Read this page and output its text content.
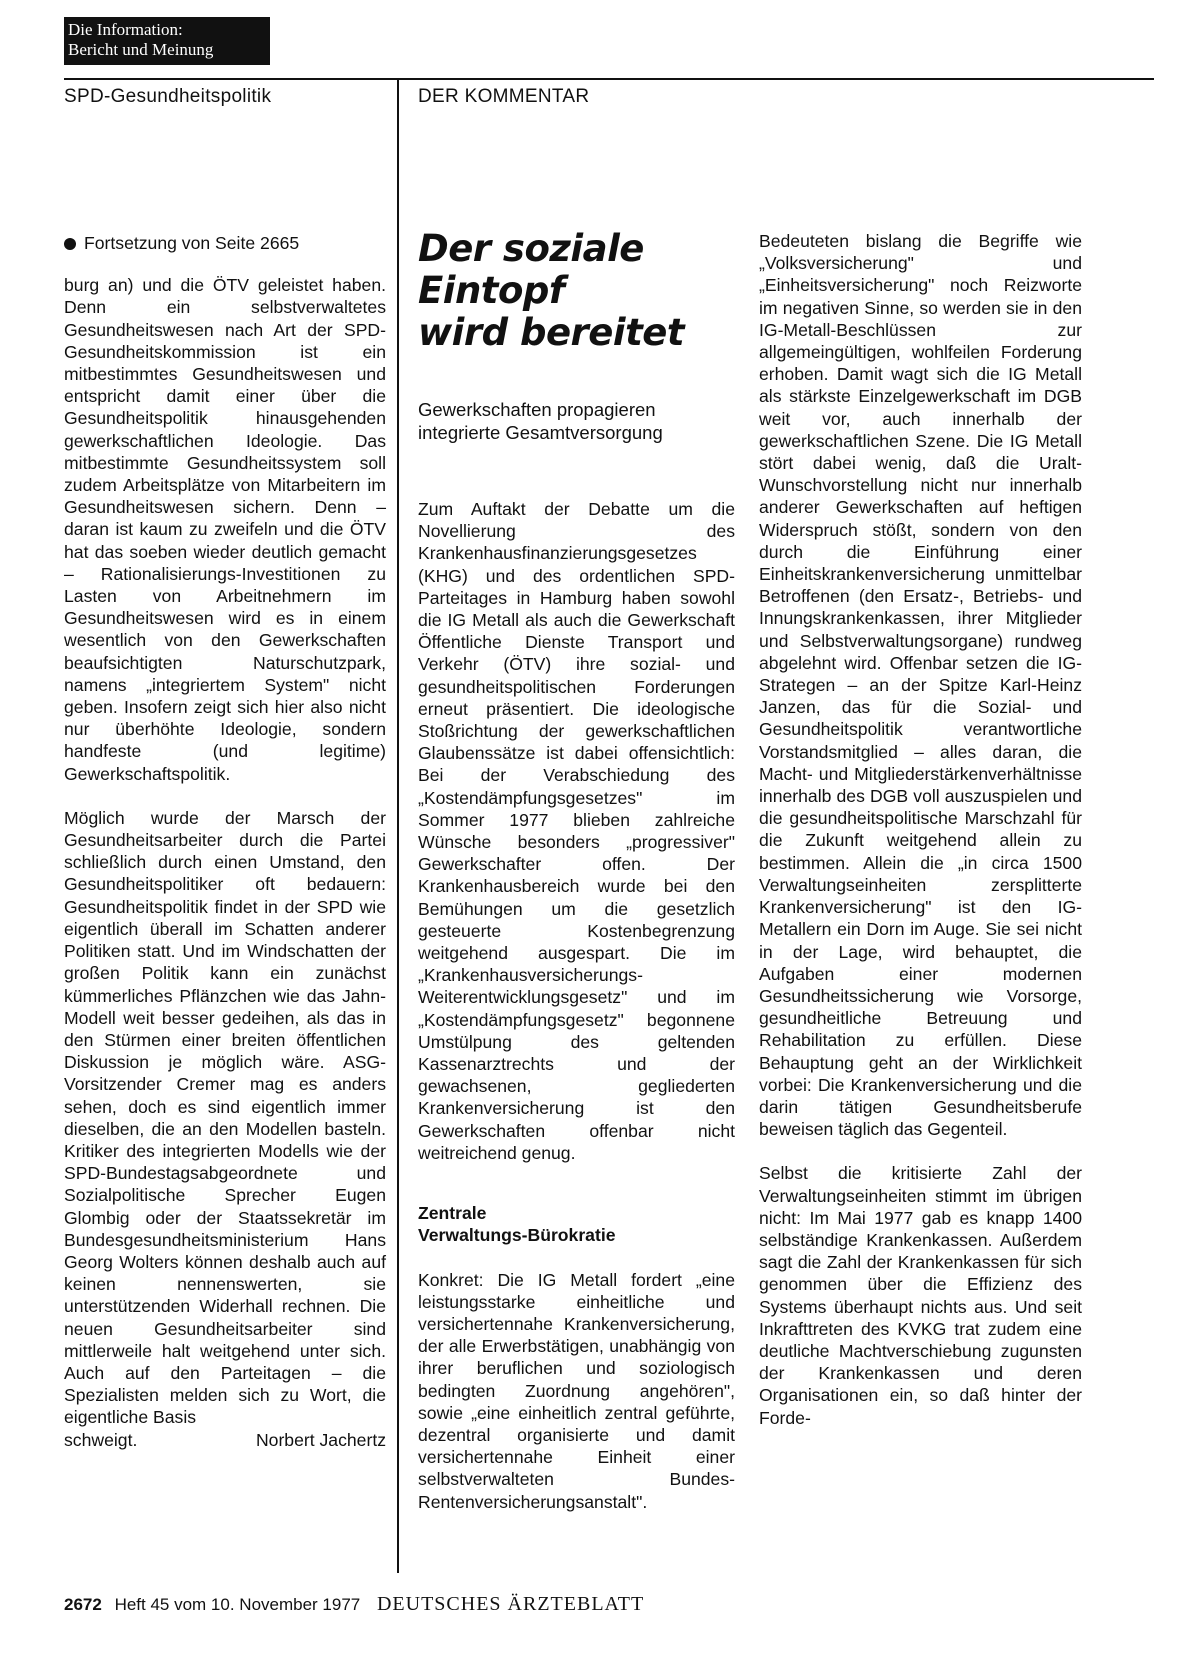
Die Information:
Bericht und Meinung
SPD-Gesundheitspolitik	DER KOMMENTAR
Fortsetzung von Seite 2665

burg an) und die ÖTV geleistet haben. Denn ein selbstverwaltetes Gesundheitswesen nach Art der SPD-Gesundheitskommission ist ein mitbestimmtes Gesundheitswesen und entspricht damit einer über die Gesundheitspolitik hinausgehenden gewerkschaftlichen Ideologie. Das mitbestimmte Gesundheitssystem soll zudem Arbeitsplätze von Mitarbeitern im Gesundheitswesen sichern. Denn – daran ist kaum zu zweifeln und die ÖTV hat das soeben wieder deutlich gemacht – Rationalisierungs-Investitionen zu Lasten von Arbeitnehmern im Gesundheitswesen wird es in einem wesentlich von den Gewerkschaften beaufsichtigten Naturschutzpark, namens „integriertem System" nicht geben. Insofern zeigt sich hier also nicht nur überhöhte Ideologie, sondern handfeste (und legitime) Gewerkschaftspolitik.

Möglich wurde der Marsch der Gesundheitsarbeiter durch die Partei schließlich durch einen Umstand, den Gesundheitspolitiker oft bedauern: Gesundheitspolitik findet in der SPD wie eigentlich überall im Schatten anderer Politiken statt. Und im Windschatten der großen Politik kann ein zunächst kümmerliches Pflänzchen wie das Jahn-Modell weit besser gedeihen, als das in den Stürmen einer breiten öffentlichen Diskussion je möglich wäre. ASG-Vorsitzender Cremer mag es anders sehen, doch es sind eigentlich immer dieselben, die an den Modellen basteln. Kritiker des integrierten Modells wie der SPD-Bundestagsabgeordnete und Sozialpolitische Sprecher Eugen Glombig oder der Staatssekretär im Bundesgesundheitsministerium Hans Georg Wolters können deshalb auch auf keinen nennenswerten, sie unterstützenden Widerhall rechnen. Die neuen Gesundheitsarbeiter sind mittlerweile halt weitgehend unter sich. Auch auf den Parteitagen – die Spezialisten melden sich zu Wort, die eigentliche Basis

schweigt.	Norbert Jachertz
Der soziale
Eintopf
wird bereitet
Gewerkschaften propagieren integrierte Gesamtversorgung

Zum Auftakt der Debatte um die Novellierung des Krankenhausfinanzierungsgesetzes (KHG) und des ordentlichen SPD-Parteitages in Hamburg haben sowohl die IG Metall als auch die Gewerkschaft Öffentliche Dienste Transport und Verkehr (ÖTV) ihre sozial- und gesundheitspolitischen Forderungen erneut präsentiert. Die ideologische Stoßrichtung der gewerkschaftlichen Glaubenssätze ist dabei offensichtlich: Bei der Verabschiedung des „Kostendämpfungsgesetzes" im Sommer 1977 blieben zahlreiche Wünsche besonders „progressiver" Gewerkschafter offen. Der Krankenhausbereich wurde bei den Bemühungen um die gesetzlich gesteuerte Kostenbegrenzung weitgehend ausgespart. Die im „Krankenhausversicherungs-Weiterentwicklungsgesetz" und im „Kostendämpfungsgesetz" begonnene Umstülpung des geltenden Kassenarztrechts und der gewachsenen, gegliederten Krankenversicherung ist den Gewerkschaften offenbar nicht weitreichend genug.

Zentrale
Verwaltungs-Bürokratie

Konkret: Die IG Metall fordert „eine leistungsstarke einheitliche und versichertennahe Krankenversicherung, der alle Erwerbstätigen, unabhängig von ihrer beruflichen und soziologisch bedingten Zuordnung angehören", sowie „eine einheitlich zentral geführte, dezentral organisierte und damit versichertennahe Einheit einer selbstverwalteten Bundes-Rentenversicherungsanstalt".

Bedeuteten bislang die Begriffe wie „Volksversicherung" und „Einheitsversicherung" noch Reizworte im negativen Sinne, so werden sie in den IG-Metall-Beschlüssen zur allgemeingültigen, wohlfeilen Forderung erhoben. Damit wagt sich die IG Metall als stärkste Einzelgewerkschaft im DGB weit vor, auch innerhalb der gewerkschaftlichen Szene. Die IG Metall stört dabei wenig, daß die Uralt-Wunschvorstellung nicht nur innerhalb anderer Gewerkschaften auf heftigen Widerspruch stößt, sondern von den durch die Einführung einer Einheitskrankenversicherung unmittelbar Betroffenen (den Ersatz-, Betriebs- und Innungskrankenkassen, ihrer Mitglieder und Selbstverwaltungsorgane) rundweg abgelehnt wird. Offenbar setzen die IG-Strategen – an der Spitze Karl-Heinz Janzen, das für die Sozial- und Gesundheitspolitik verantwortliche Vorstandsmitglied – alles daran, die Macht- und Mitgliederstärkenverhältnisse innerhalb des DGB voll auszuspielen und die gesundheitspolitische Marschzahl für die Zukunft weitgehend allein zu bestimmen. Allein die „in circa 1500 Verwaltungseinheiten zersplitterte Krankenversicherung" ist den IG-Metallern ein Dorn im Auge. Sie sei nicht in der Lage, wird behauptet, die Aufgaben einer modernen Gesundheitssicherung wie Vorsorge, gesundheitliche Betreuung und Rehabilitation zu erfüllen. Diese Behauptung geht an der Wirklichkeit vorbei: Die Krankenversicherung und die darin tätigen Gesundheitsberufe beweisen täglich das Gegenteil.

Selbst die kritisierte Zahl der Verwaltungseinheiten stimmt im übrigen nicht: Im Mai 1977 gab es knapp 1400 selbständige Krankenkassen. Außerdem sagt die Zahl der Krankenkassen für sich genommen über die Effizienz des Systems überhaupt nichts aus. Und seit Inkrafttreten des KVKG trat zudem eine deutliche Machtverschiebung zugunsten der Krankenkassen und deren Organisationen ein, so daß hinter der Forde-

2672 Heft 45 vom 10. November 1977 DEUTSCHES ÄRZTEBLATT
